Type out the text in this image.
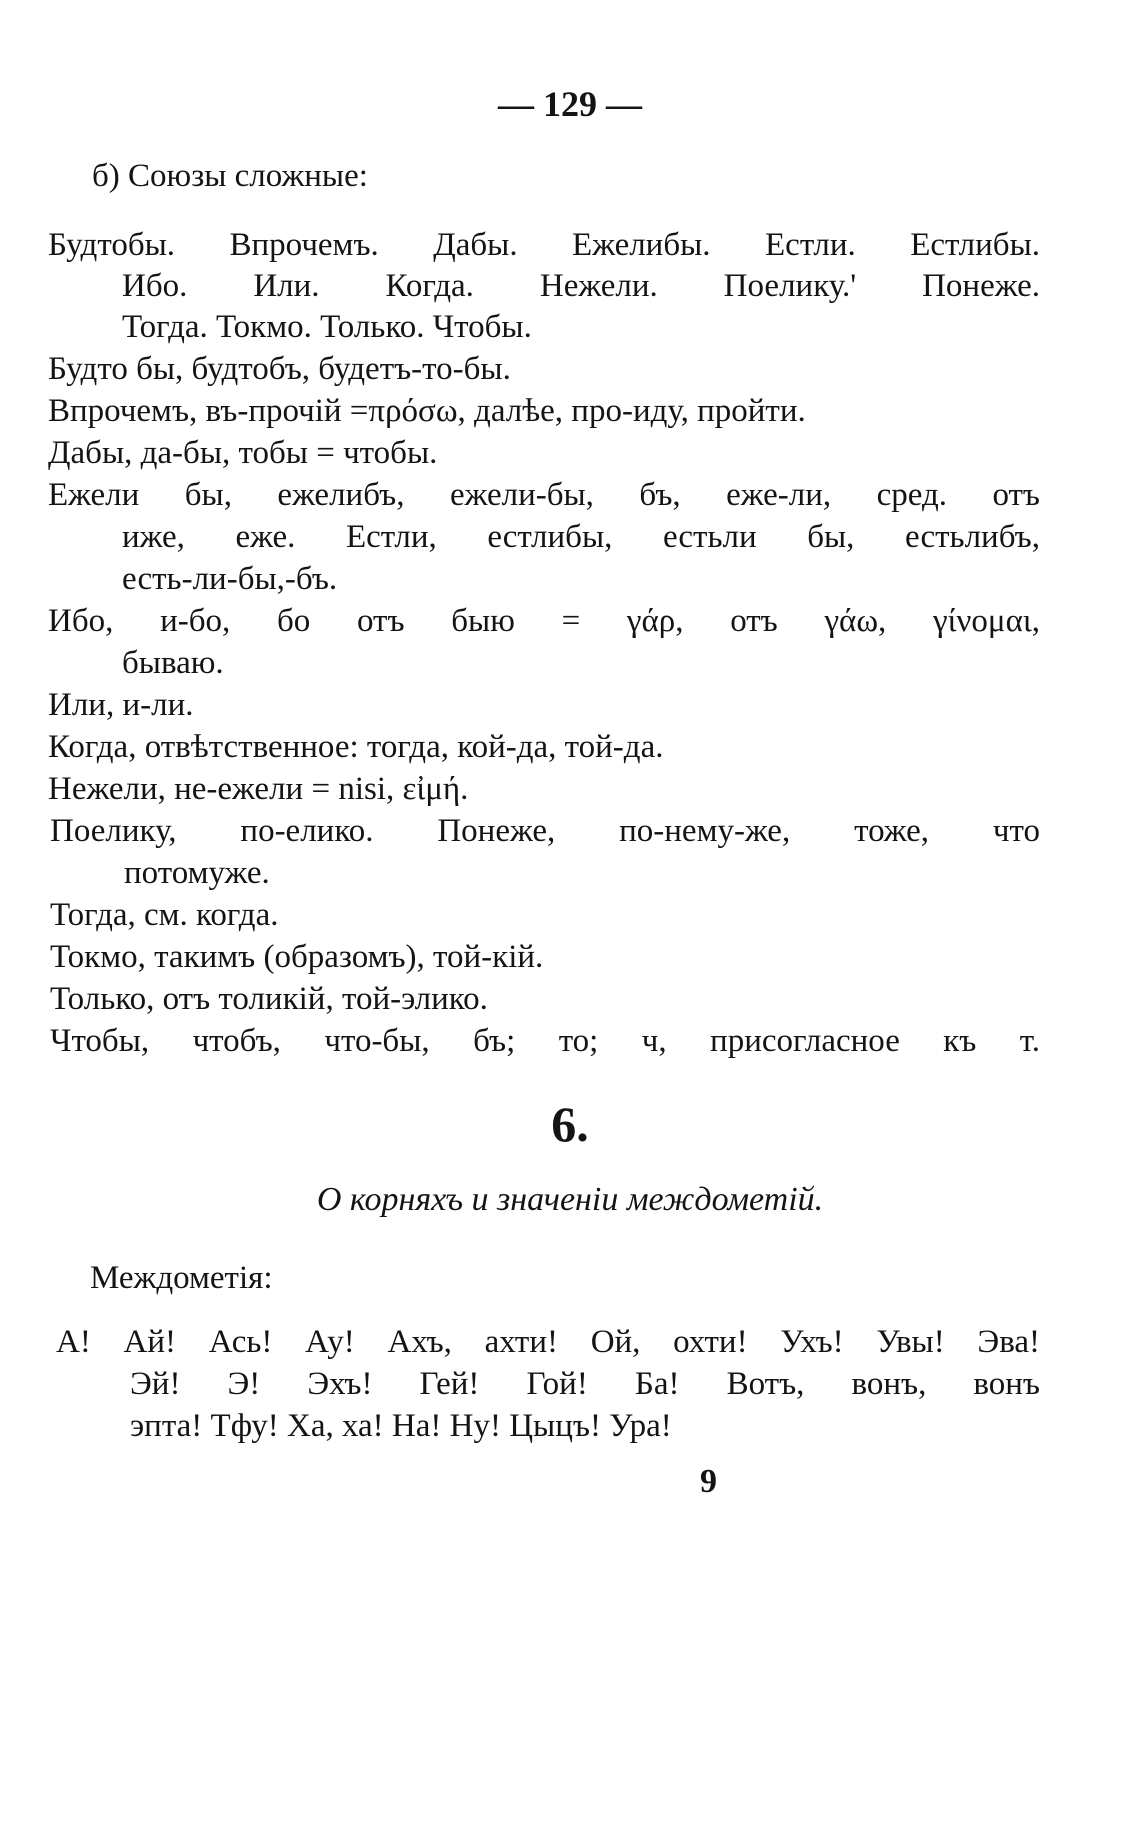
— 129 —
б) Союзы сложные:
Будтобы. Впрочемъ. Дабы. Ежелибы. Естли. Естлибы.
Ибо. Или. Когда. Нежели. Поелику.' Понеже.
Тогда. Токмо. Только. Чтобы.
Будто бы, будтобъ, будетъ-то-бы.
Впрочемъ, въ-прочiй =πρόσω, далѣе, про-иду, пройти.
Дабы, да-бы, тобы = чтобы.
Ежели бы, ежелибъ, ежели-бы, бъ, еже-ли, сред. отъ
иже, еже. Естли, естлибы, естьли бы, естьлибъ,
есть-ли-бы,-бъ.
Ибо, и-бо, бо отъ быю = γάρ, отъ γάω, γίνομαι,
бываю.
Или, и-ли.
Когда, отвѣтственное: тогда, кой-да, той-да.
Нежели, не-ежели = nisi, εἰμή.
Поелику, по-елико. Понеже, по-нему-же, тоже, что
потомуже.
Тогда, см. когда.
Токмо, такимъ (образомъ), той-кiй.
Только, отъ толикiй, той-элико.
Чтобы, чтобъ, что-бы, бъ; то; ч, присогласное къ т.
6.
О корняхъ и значенiи междометiй.
Междометiя:
А! Ай! Ась! Ау! Ахъ, ахти! Ой, охти! Ухъ! Увы! Эва!
Эй! Э! Эхъ! Гей! Гой! Ба! Вотъ, вонъ, вонъ
эпта! Тфу! Ха, ха! На! Ну! Цыцъ! Ура!
9
